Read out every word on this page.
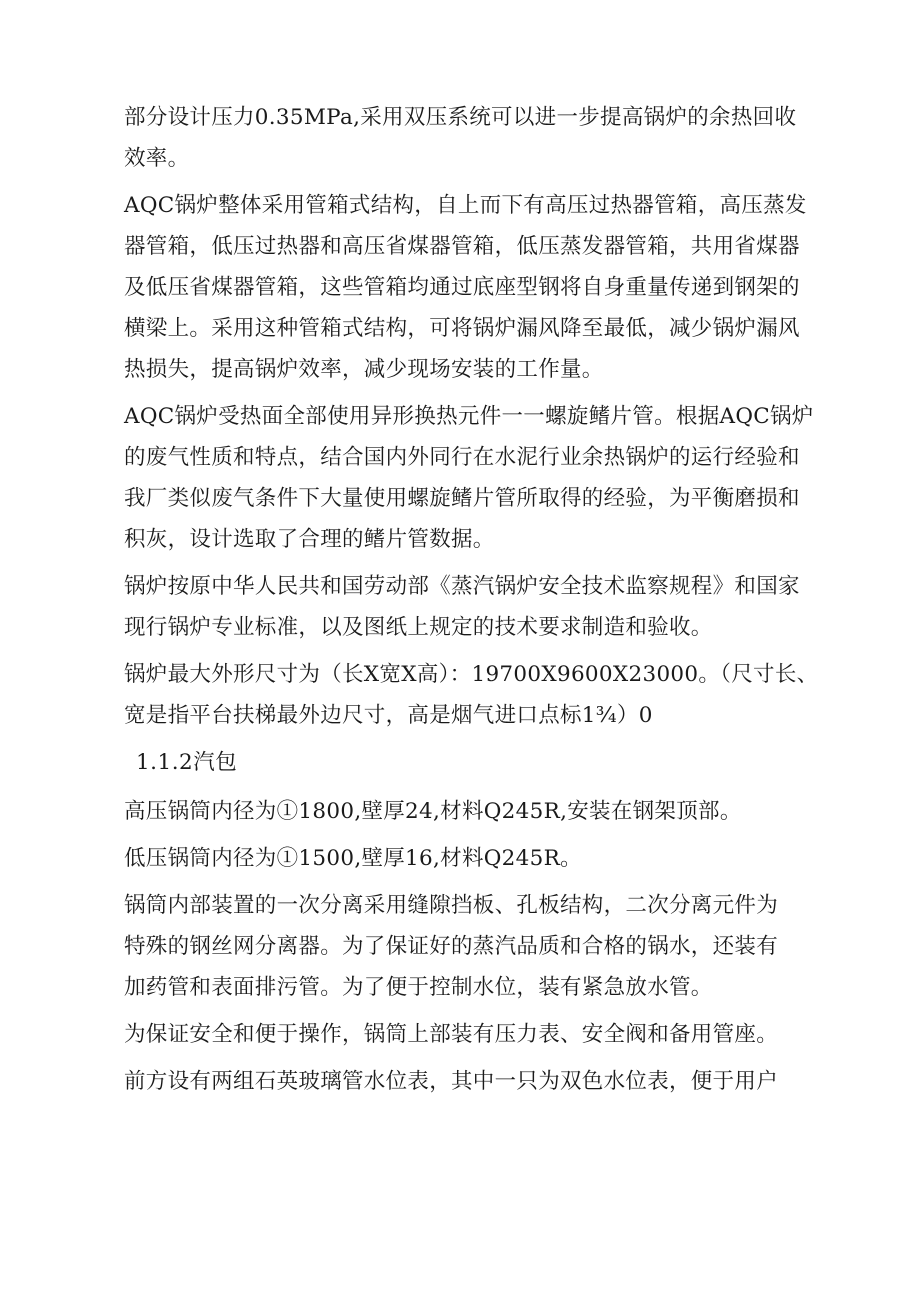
部分设计压力0.35MPa,采用双压系统可以进一步提高锅炉的余热回收
效率。

AQC锅炉整体采用管箱式结构，自上而下有高压过热器管箱，高压蒸发
器管箱，低压过热器和高压省煤器管箱，低压蒸发器管箱，共用省煤器
及低压省煤器管箱，这些管箱均通过底座型钢将自身重量传递到钢架的
横梁上。采用这种管箱式结构，可将锅炉漏风降至最低，减少锅炉漏风
热损失，提高锅炉效率，减少现场安装的工作量。

AQC锅炉受热面全部使用异形换热元件一一螺旋鳍片管。根据AQC锅炉
的废气性质和特点，结合国内外同行在水泥行业余热锅炉的运行经验和
我厂类似废气条件下大量使用螺旋鳍片管所取得的经验，为平衡磨损和
积灰，设计选取了合理的鳍片管数据。

锅炉按原中华人民共和国劳动部《蒸汽锅炉安全技术监察规程》和国家
现行锅炉专业标准，以及图纸上规定的技术要求制造和验收。

锅炉最大外形尺寸为（长X宽X高）：19700X9600X23000。（尺寸长、
宽是指平台扶梯最外边尺寸，高是烟气进口点标1¾）0

1.1.2汽包

高压锅筒内径为①1800,壁厚24,材料Q245R,安装在钢架顶部。

低压锅筒内径为①1500,壁厚16,材料Q245R。

锅筒内部装置的一次分离采用缝隙挡板、孔板结构，二次分离元件为
特殊的钢丝网分离器。为了保证好的蒸汽品质和合格的锅水，还装有
加药管和表面排污管。为了便于控制水位，装有紧急放水管。

为保证安全和便于操作，锅筒上部装有压力表、安全阀和备用管座。

前方设有两组石英玻璃管水位表，其中一只为双色水位表，便于用户
